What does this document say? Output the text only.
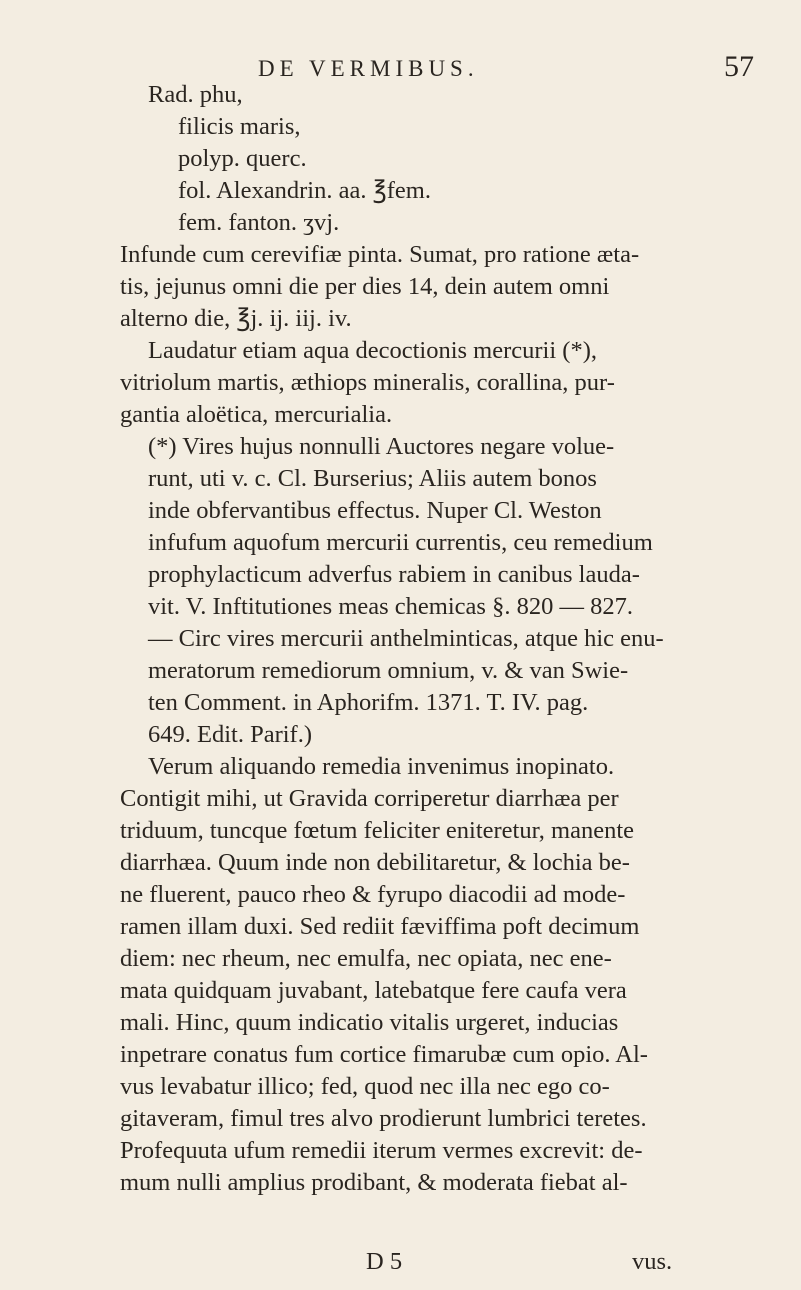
DE VERMIBUS.	57
Rad. phu,
filicis maris,
polyp. querc.
fol. Alexandrin. aa. ℥fem.
fem. fanton. ʒvj.
Infunde cum cerevifiæ pinta. Sumat, pro ratione æta-
tis, jejunus omni die per dies 14, dein autem omni
alterno die, ℥j. ij. iij. iv.
Laudatur etiam aqua decoctionis mercurii (*),
vitriolum martis, æthiops mineralis, corallina, pur-
gantia aloëtica, mercurialia.
(*) Vires hujus nonnulli Auctores negare volue-
runt, uti v. c. Cl. Burserius; Aliis autem bonos
inde obfervantibus effectus. Nuper Cl. Weston
infufum aquofum mercurii currentis, ceu remedium
prophylacticum adverfus rabiem in canibus lauda-
vit. V. Inftitutiones meas chemicas §. 820 — 827.
— Circ vires mercurii anthelminticas, atque hic enu-
meratorum remediorum omnium, v. & van Swie-
ten Comment. in Aphorifm. 1371. T. IV. pag.
649. Edit. Parif.)
Verum aliquando remedia invenimus inopinato.
Contigit mihi, ut Gravida corriperetur diarrhæa per
triduum, tuncque fœtum feliciter eniteretur, manente
diarrhæa. Quum inde non debilitaretur, & lochia be-
ne fluerent, pauco rheo & fyrupo diacodii ad mode-
ramen illam duxi. Sed rediit fæviffima poft decimum
diem: nec rheum, nec emulfa, nec opiata, nec ene-
mata quidquam juvabant, latebatque fere caufa vera
mali. Hinc, quum indicatio vitalis urgeret, inducias
inpetrare conatus fum cortice fimarubæ cum opio. Al-
vus levabatur illico; fed, quod nec illa nec ego co-
gitaveram, fimul tres alvo prodierunt lumbrici teretes.
Profequuta ufum remedii iterum vermes excrevit: de-
mum nulli amplius prodibant, & moderata fiebat al-
D 5	vus.
